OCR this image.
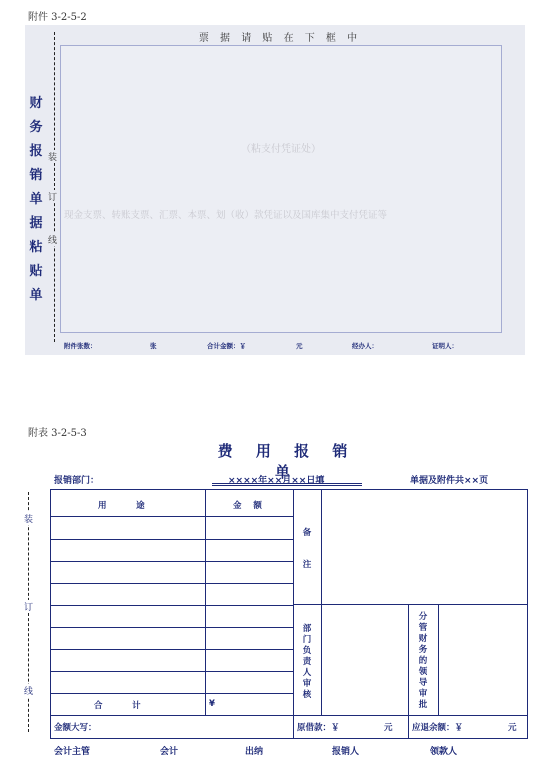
附件 3-2-5-2
财
务
报
销
单
据
粘
贴
单
装
订
线
票 据 请 贴 在 下 框 中
（粘支付凭证处）
现金支票、转账支票、汇票、本票、划（收）款凭证以及国库集中支付凭证等
附件张数：	张	合计金额：￥	元	经办人：	证明人：
附表 3-2-5-3
费 用 报 销 单
报销部门：	××××年××月××日填	单据及附件共××页
装
订
线
用          途	金    额
备
注
部门负责人审核
分管财务的领导审批
合          计	¥
金额大写：	原借款：￥	元 应退余额：￥	元
会计主管	会计	出纳	报销人	领款人
